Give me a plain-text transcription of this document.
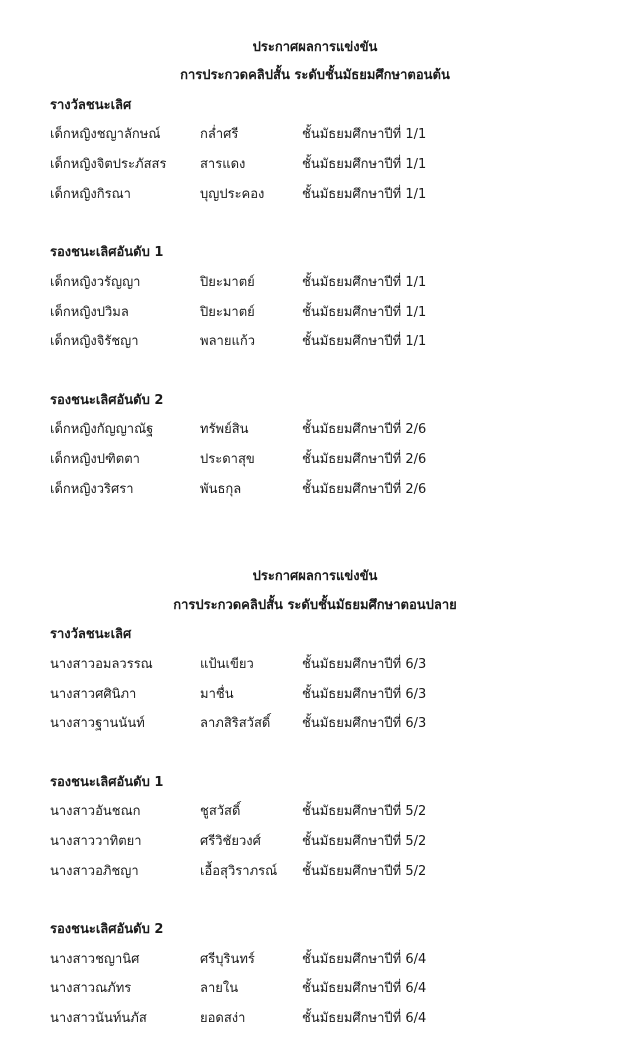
ประกาศผลการแข่งขัน
การประกวดคลิปสั้น ระดับชั้นมัธยมศึกษาตอนต้น
รางวัลชนะเลิศ
เด็กหญิงชญาลักษณ์	กล่ำศรี	ชั้นมัธยมศึกษาปีที่ 1/1
เด็กหญิงจิตประภัสสร	สารแดง	ชั้นมัธยมศึกษาปีที่ 1/1
เด็กหญิงกิรณา	บุญประคอง	ชั้นมัธยมศึกษาปีที่ 1/1
รองชนะเลิศอันดับ 1
เด็กหญิงวรัญญา	ปิยะมาตย์	ชั้นมัธยมศึกษาปีที่ 1/1
เด็กหญิงปวิมล	ปิยะมาตย์	ชั้นมัธยมศึกษาปีที่ 1/1
เด็กหญิงจิรัชญา	พลายแก้ว	ชั้นมัธยมศึกษาปีที่ 1/1
รองชนะเลิศอันดับ 2
เด็กหญิงกัญญาณัฐ	ทรัพย์สิน	ชั้นมัธยมศึกษาปีที่ 2/6
เด็กหญิงปฑิตตา	ประดาสุข	ชั้นมัธยมศึกษาปีที่ 2/6
เด็กหญิงวริศรา	พันธกุล	ชั้นมัธยมศึกษาปีที่ 2/6
ประกาศผลการแข่งขัน
การประกวดคลิปสั้น ระดับชั้นมัธยมศึกษาตอนปลาย
รางวัลชนะเลิศ
นางสาวอมลวรรณ	แป้นเขียว	ชั้นมัธยมศึกษาปีที่ 6/3
นางสาวศศินิภา	มาชื่น	ชั้นมัธยมศึกษาปีที่ 6/3
นางสาวฐานนันท์	ลาภสิริสวัสดิ์ ชั้นมัธยมศึกษาปีที่ 6/3
รองชนะเลิศอันดับ 1
นางสาวอันชณก	ชูสวัสดิ์	ชั้นมัธยมศึกษาปีที่ 5/2
นางสาววาทิตยา	ศรีวิชัยวงศ์	ชั้นมัธยมศึกษาปีที่ 5/2
นางสาวอภิชญา	เอื้อสุวิราภรณ์ ชั้นมัธยมศึกษาปีที่ 5/2
รองชนะเลิศอันดับ 2
นางสาวชญานิศ	ศรีบุรินทร์	ชั้นมัธยมศึกษาปีที่ 6/4
นางสาวณภัทร	ลายใน	ชั้นมัธยมศึกษาปีที่ 6/4
นางสาวนันท์นภัส	ยอดสง่า	ชั้นมัธยมศึกษาปีที่ 6/4
